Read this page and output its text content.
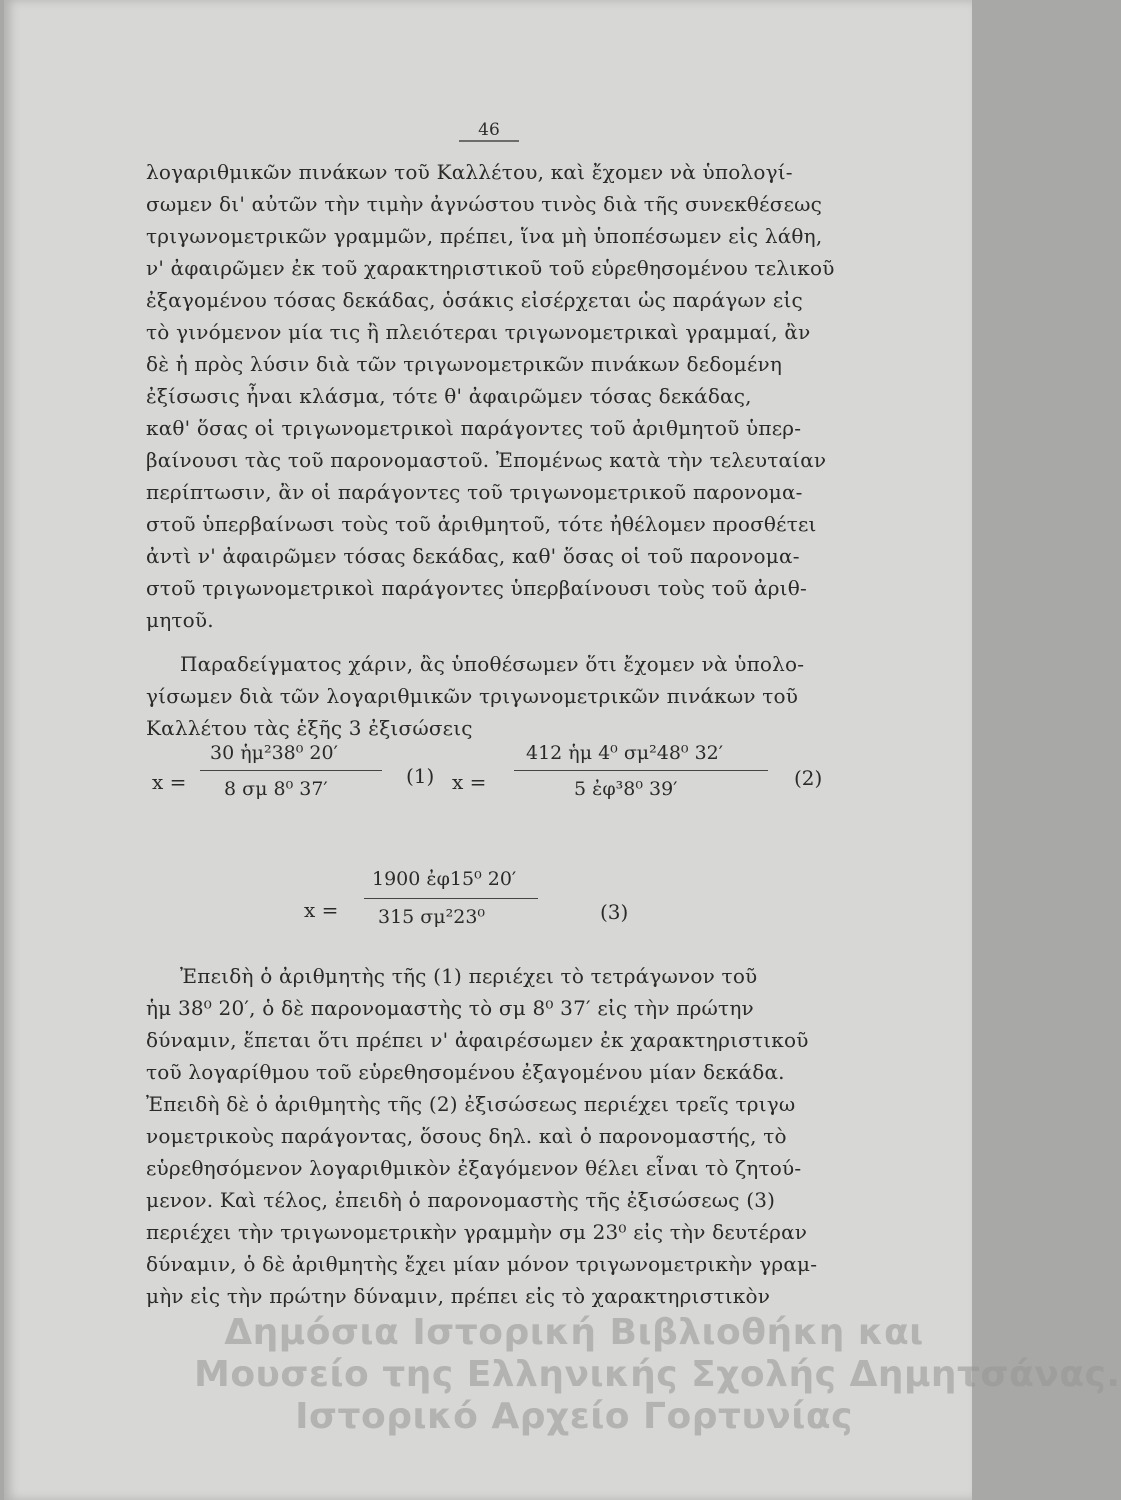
46
λογαριθμικῶν πινάκων τοῦ Καλλέτου, καὶ ἔχομεν νὰ ὑπολογί-
σωμεν δι' αὐτῶν τὴν τιμὴν ἀγνώστου τινὸς διὰ τῆς συνεκθέσεως
τριγωνομετρικῶν γραμμῶν, πρέπει, ἵνα μὴ ὑποπέσωμεν εἰς λάθη,
ν' ἀφαιρῶμεν ἐκ τοῦ χαρακτηριστικοῦ τοῦ εὑρεθησομένου τελικοῦ
ἐξαγομένου τόσας δεκάδας, ὁσάκις εἰσέρχεται ὡς παράγων εἰς
τὸ γινόμενον μία τις ἢ πλειότεραι τριγωνομετρικαὶ γραμμαί, ἂν
δὲ ἡ πρὸς λύσιν διὰ τῶν τριγωνομετρικῶν πινάκων δεδομένη
ἐξίσωσις ἦναι κλάσμα, τότε θ' ἀφαιρῶμεν τόσας δεκάδας,
καθ' ὅσας οἱ τριγωνομετρικοὶ παράγοντες τοῦ ἀριθμητοῦ ὑπερ-
βαίνουσι τὰς τοῦ παρονομαστοῦ. Ἐπομένως κατὰ τὴν τελευταίαν
περίπτωσιν, ἂν οἱ παράγοντες τοῦ τριγωνομετρικοῦ παρονομα-
στοῦ ὑπερβαίνωσι τοὺς τοῦ ἀριθμητοῦ, τότε ἠθέλομεν προσθέτει
ἀντὶ ν' ἀφαιρῶμεν τόσας δεκάδας, καθ' ὅσας οἱ τοῦ παρονομα-
στοῦ τριγωνομετρικοὶ παράγοντες ὑπερβαίνουσι τοὺς τοῦ ἀριθ-
μητοῦ.
Παραδείγματος χάριν, ἂς ὑποθέσωμεν ὅτι ἔχομεν νὰ ὑπολο-
γίσωμεν διὰ τῶν λογαριθμικῶν τριγωνομετρικῶν πινάκων τοῦ
Καλλέτου τὰς ἑξῆς 3 ἐξισώσεις
x =
30 ἡμ²38⁰ 20′
8 σμ 8⁰ 37′
(1) x =
412 ἡμ 4⁰ σμ²48⁰ 32′
5 ἐφ³8⁰ 39′	(2)
x =
1900 ἐφ15⁰ 20′
315 σμ²23⁰	(3)
Ἐπειδὴ ὁ ἀριθμητὴς τῆς (1) περιέχει τὸ τετράγωνον τοῦ
ἡμ 38⁰ 20′, ὁ δὲ παρονομαστὴς τὸ σμ 8⁰ 37′ εἰς τὴν πρώτην
δύναμιν, ἕπεται ὅτι πρέπει ν' ἀφαιρέσωμεν ἐκ χαρακτηριστικοῦ
τοῦ λογαρίθμου τοῦ εὑρεθησομένου ἐξαγομένου μίαν δεκάδα.
Ἐπειδὴ δὲ ὁ ἀριθμητὴς τῆς (2) ἐξισώσεως περιέχει τρεῖς τριγω
νομετρικοὺς παράγοντας, ὅσους δηλ. καὶ ὁ παρονομαστής, τὸ
εὑρεθησόμενον λογαριθμικὸν ἐξαγόμενον θέλει εἶναι τὸ ζητού-
μενον. Καὶ τέλος, ἐπειδὴ ὁ παρονομαστὴς τῆς ἐξισώσεως (3)
περιέχει τὴν τριγωνομετρικὴν γραμμὴν σμ 23⁰ εἰς τὴν δευτέραν
δύναμιν, ὁ δὲ ἀριθμητὴς ἔχει μίαν μόνον τριγωνομετρικὴν γραμ-
μὴν εἰς τὴν πρώτην δύναμιν, πρέπει εἰς τὸ χαρακτηριστικὸν
Δημόσια Ιστορική Βιβλιοθήκη και
Μουσείο της Ελληνικής Σχολής Δημητσάνας.
Ιστορικό Αρχείο Γορτυνίας
